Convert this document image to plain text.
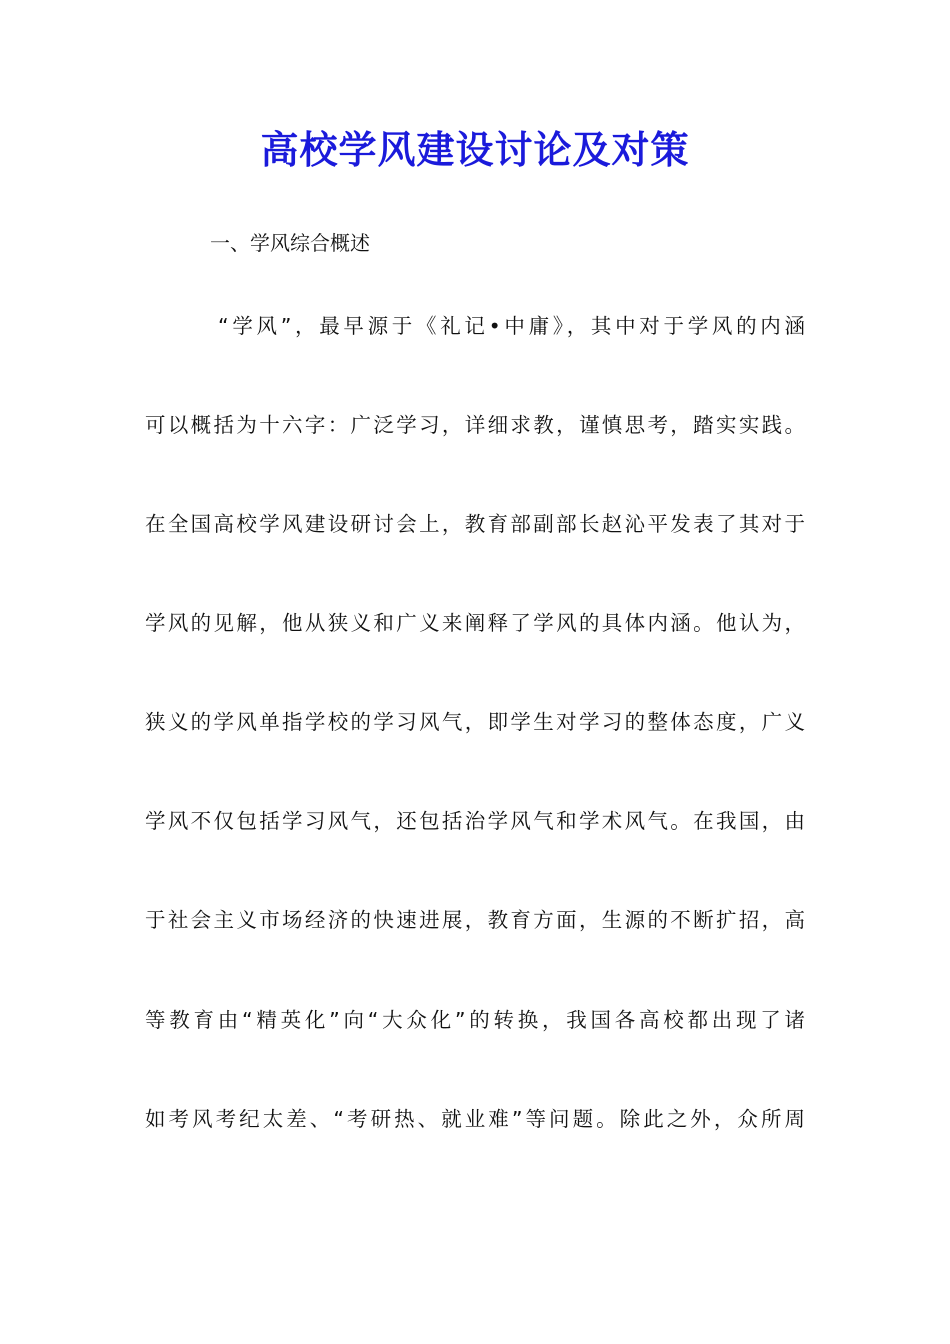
高校学风建设讨论及对策
一、学风综合概述
“学风”，最早源于《礼记•中庸》，其中对于学风的内涵
可以概括为十六字：广泛学习，详细求教，谨慎思考，踏实实践。
在全国高校学风建设研讨会上，教育部副部长赵沁平发表了其对于
学风的见解，他从狭义和广义来阐释了学风的具体内涵。他认为，
狭义的学风单指学校的学习风气，即学生对学习的整体态度，广义
学风不仅包括学习风气，还包括治学风气和学术风气。在我国，由
于社会主义市场经济的快速进展，教育方面，生源的不断扩招，高
等教育由“精英化”向“大众化”的转换，我国各高校都出现了诸
如考风考纪太差、“考研热、就业难”等问题。除此之外，众所周
